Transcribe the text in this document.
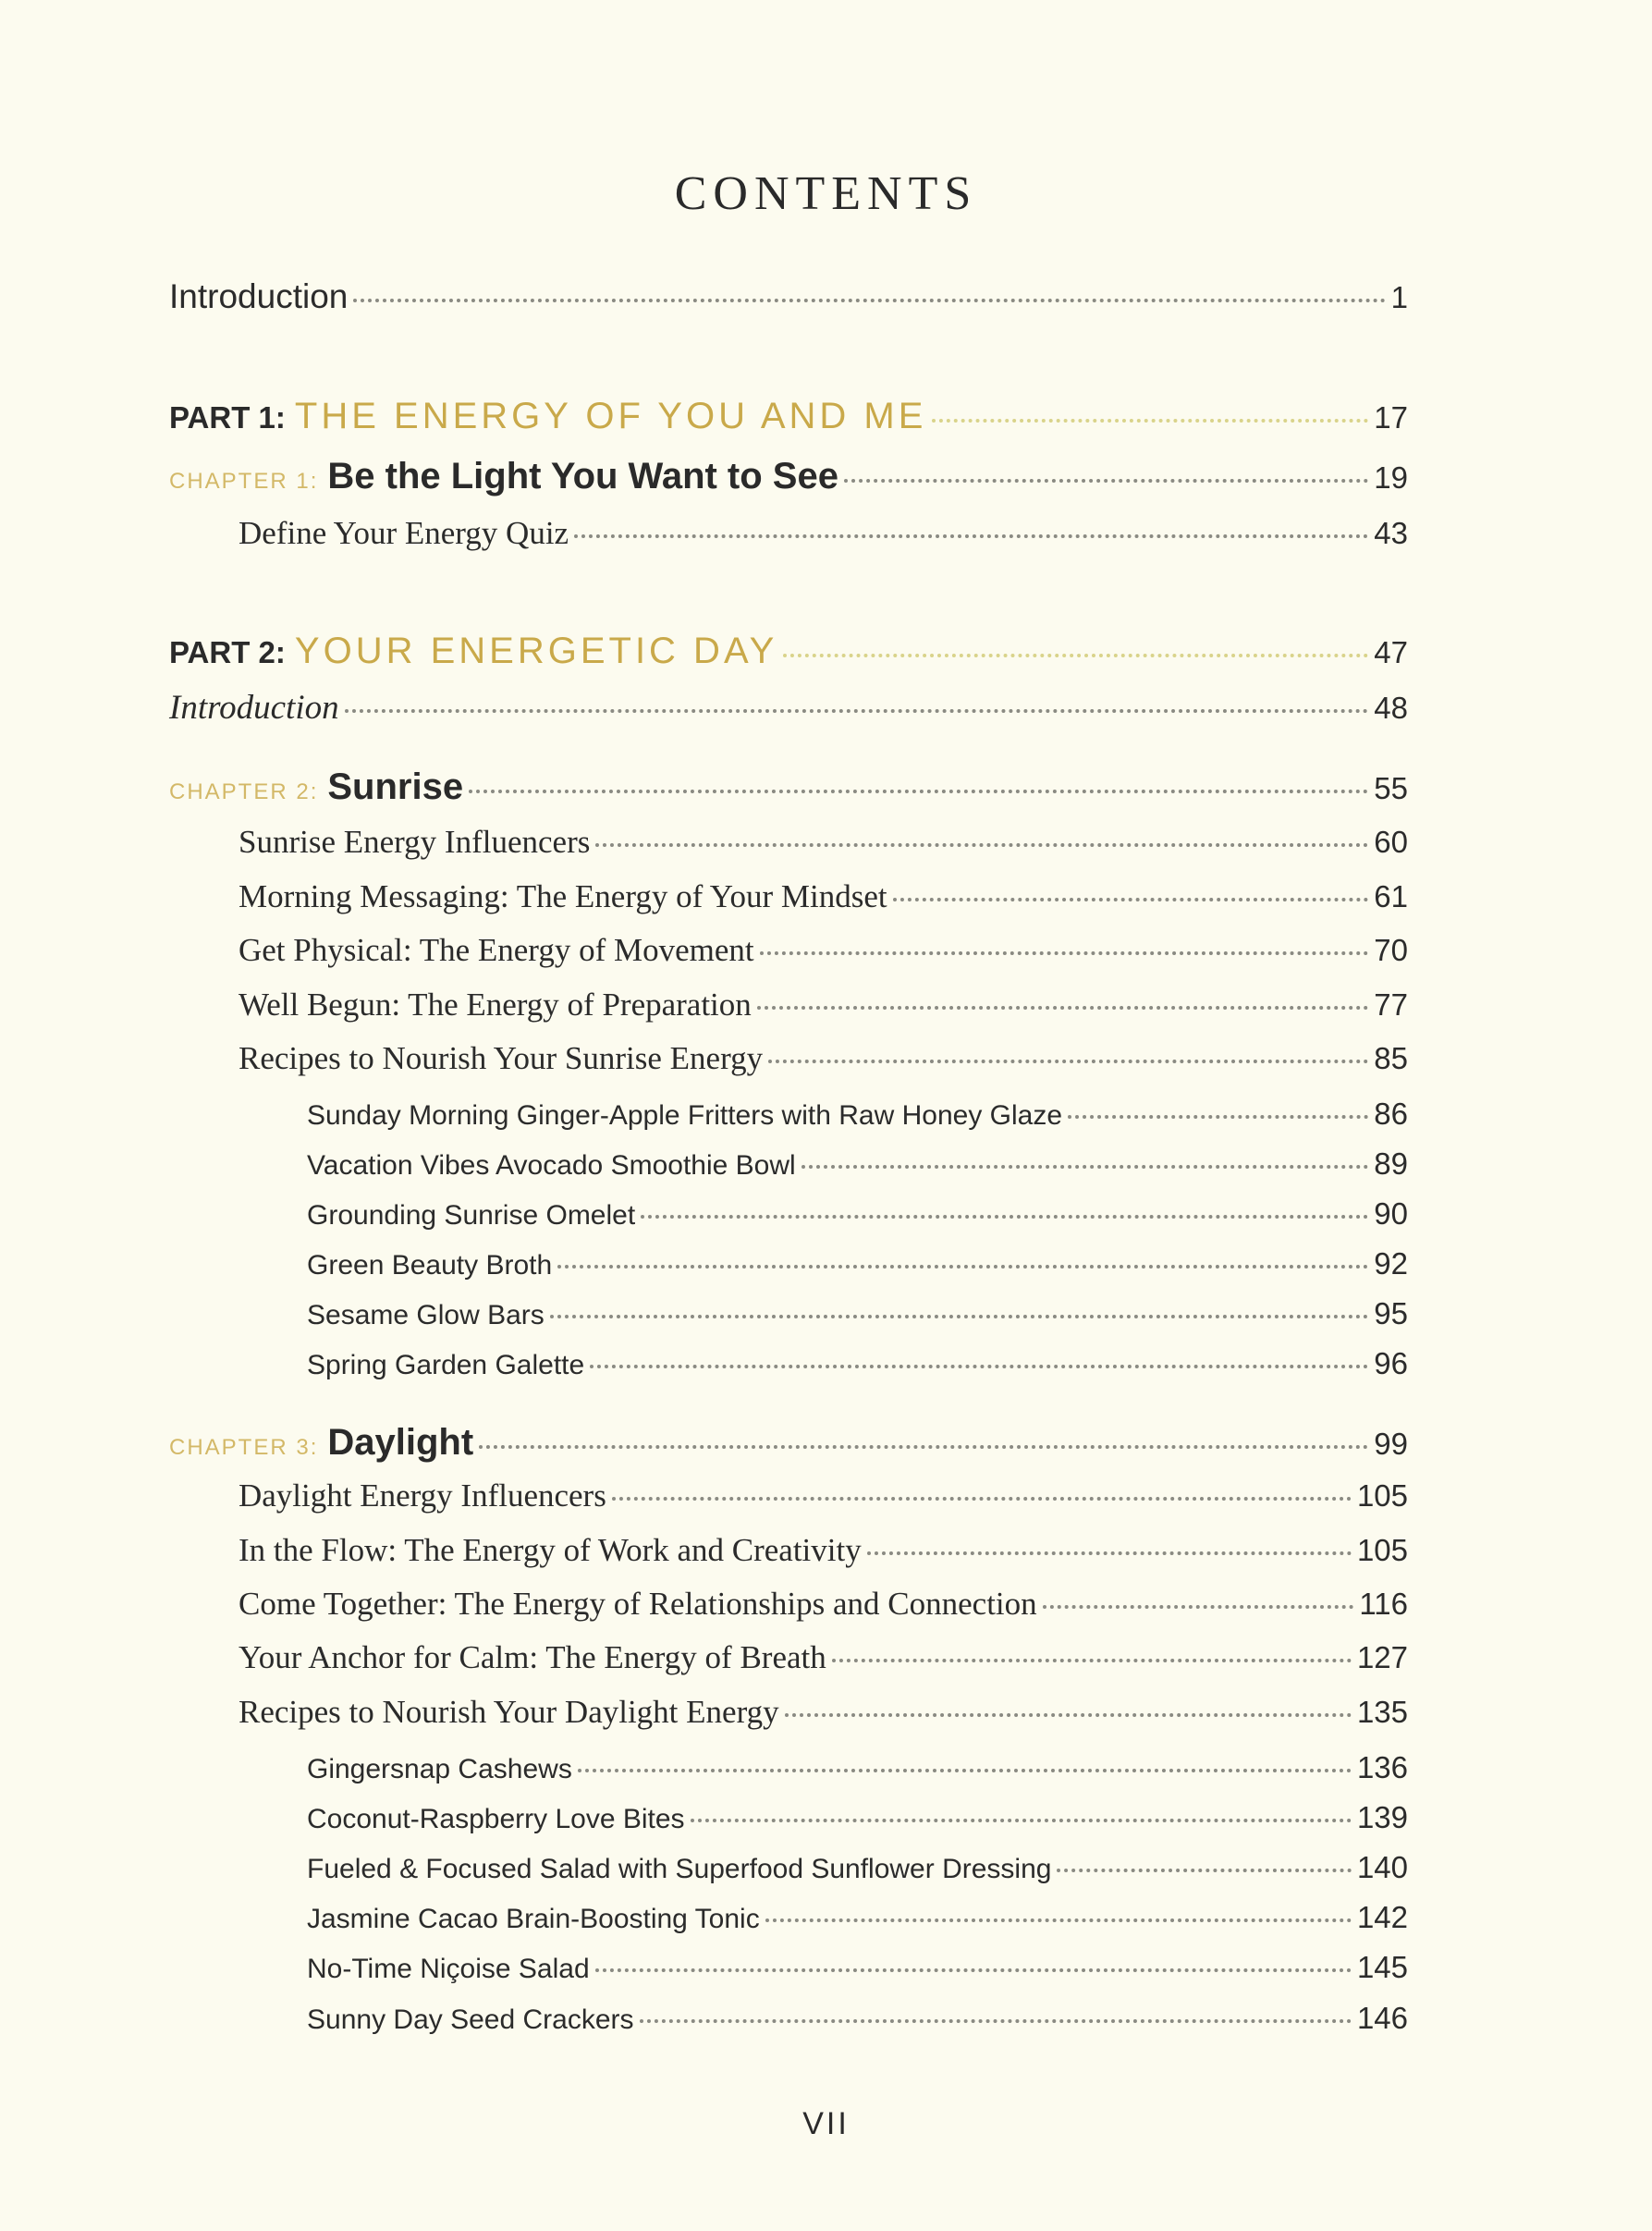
CONTENTS
Introduction	1
PART 1: THE ENERGY OF YOU AND ME	17
CHAPTER 1: Be the Light You Want to See	19
Define Your Energy Quiz	43
PART 2: YOUR ENERGETIC DAY	47
Introduction	48
CHAPTER 2: Sunrise	55
Sunrise Energy Influencers	60
Morning Messaging: The Energy of Your Mindset	61
Get Physical: The Energy of Movement	70
Well Begun: The Energy of Preparation	77
Recipes to Nourish Your Sunrise Energy	85
Sunday Morning Ginger-Apple Fritters with Raw Honey Glaze	86
Vacation Vibes Avocado Smoothie Bowl	89
Grounding Sunrise Omelet	90
Green Beauty Broth	92
Sesame Glow Bars	95
Spring Garden Galette	96
CHAPTER 3: Daylight	99
Daylight Energy Influencers	105
In the Flow: The Energy of Work and Creativity	105
Come Together: The Energy of Relationships and Connection	116
Your Anchor for Calm: The Energy of Breath	127
Recipes to Nourish Your Daylight Energy	135
Gingersnap Cashews	136
Coconut-Raspberry Love Bites	139
Fueled & Focused Salad with Superfood Sunflower Dressing	140
Jasmine Cacao Brain-Boosting Tonic	142
No-Time Niçoise Salad	145
Sunny Day Seed Crackers	146
VII
